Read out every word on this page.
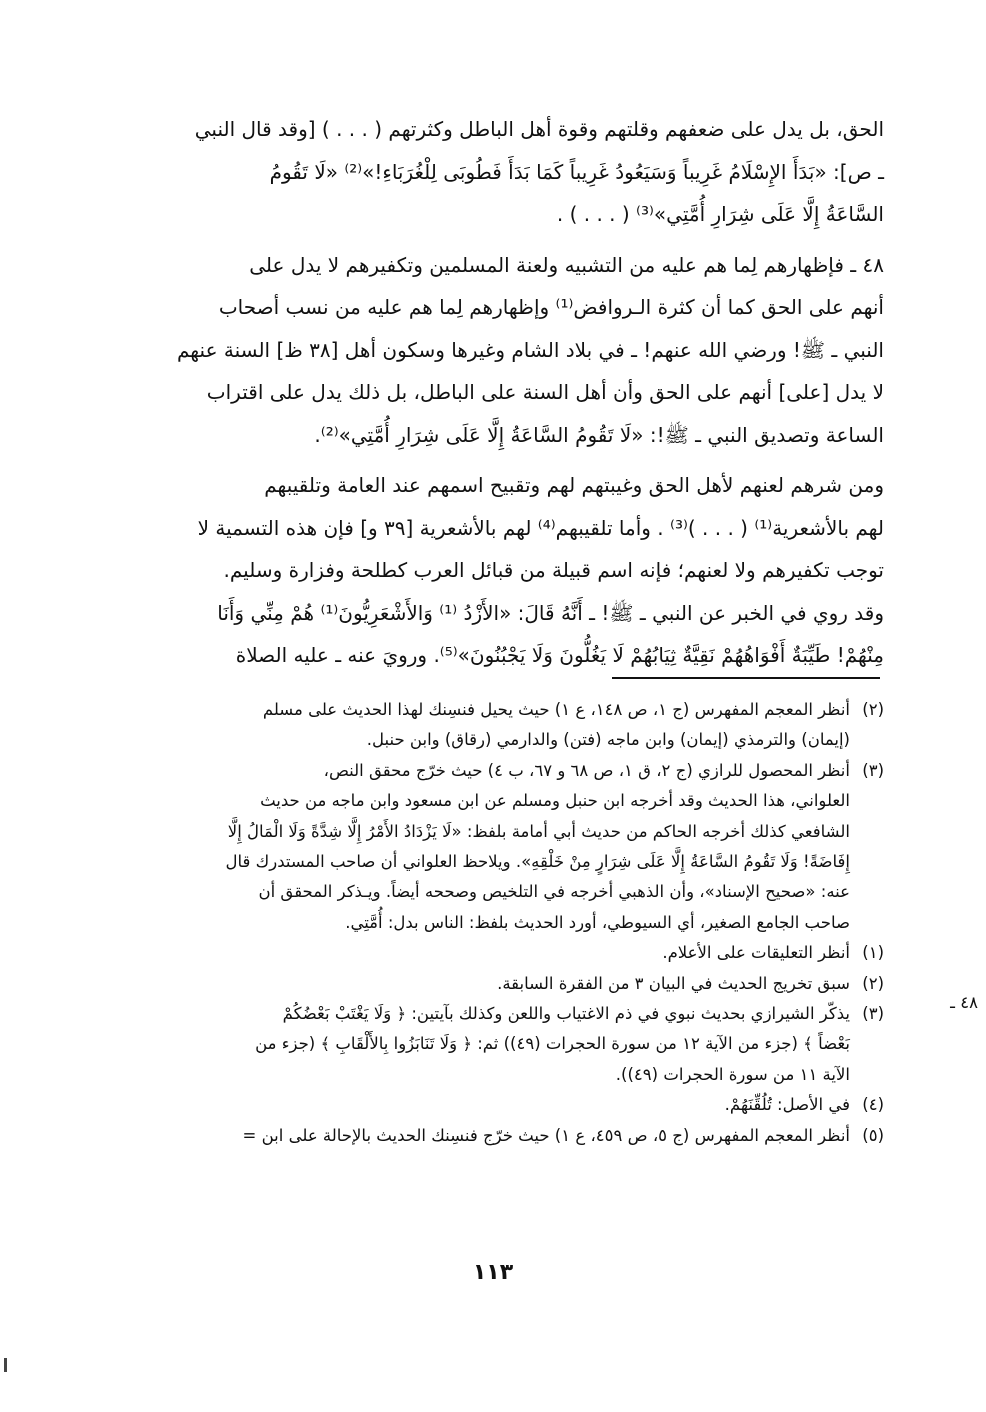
الحق، بل يدل على ضعفهم وقلتهم وقوة أهل الباطل وكثرتهم ( . . . ) [وقد قال النبي

ـ ص]: «بَدَأَ الإِسْلَامُ غَرِيباً وَسَيَعُودُ غَرِيباً كَمَا بَدَأَ فَطُوبَى لِلْغُرَبَاءِ!»⁽²⁾ «لَا تَقُومُ

السَّاعَةُ إِلَّا عَلَى شِرَارِ أُمَّتِي»⁽³⁾ ( . . . ) .

٤٨ ـ فإظهارهم لِما هم عليه من التشبيه ولعنة المسلمين وتكفيرهم لا يدل على

أنهم على الحق كما أن كثرة الـروافض⁽¹⁾ وإظهارهم لِما هم عليه من نسب أصحاب

النبي ـ ﷺ! ورضي الله عنهم! ـ في بلاد الشام وغيرها وسكون أهل [٣٨ ظ] السنة عنهم

لا يدل [على] أنهم على الحق وأن أهل السنة على الباطل، بل ذلك يدل على اقتراب

الساعة وتصديق النبي ـ ﷺ!: «لَا تَقُومُ السَّاعَةُ إِلَّا عَلَى شِرَارِ أُمَّتِي»⁽²⁾.

ومن شرهم لعنهم لأهل الحق وغيبتهم لهم وتقبيح اسمهم عند العامة وتلقيبهم

لهم بالأشعرية⁽¹⁾ ( . . . )⁽³⁾ . وأما تلقيبهم⁽⁴⁾ لهم بالأشعرية [٣٩ و] فإن هذه التسمية لا

توجب تكفيرهم ولا لعنهم؛ فإنه اسم قبيلة من قبائل العرب كطلحة وفزارة وسليم.

وقد روي في الخبر عن النبي ـ ﷺ! ـ أَنَّهُ قَالَ: «الأَزْدُ ⁽¹⁾ وَالأَشْعَرِيُّونَ⁽¹⁾ هُمْ مِنِّي وَأَنَا

مِنْهُمْ! طَيِّبَةٌ أَفْوَاهُهُمْ نَقِيَّةٌ ثِيَابُهُمْ لَا يَغُلُّونَ وَلَا يَجْبُنُونَ»⁽⁵⁾. ورويَ عنه ـ عليه الصلاة

(٢)
أنظر المعجم المفهرس (ج ١، ص ١٤٨، ع ١) حيث يحيل فنسِنك لهذا الحديث على مسلم
(إيمان) والترمذي (إيمان) وابن ماجه (فتن) والدارمي (رقاق) وابن حنبل.
(٣)
أنظر المحصول للرازي (ج ٢، ق ١، ص ٦٨ و ٦٧، ب ٤) حيث خرّج محقق النص،
العلواني، هذا الحديث وقد أخرجه ابن حنبل ومسلم عن ابن مسعود وابن ماجه من حديث
الشافعي كذلك أخرجه الحاكم من حديث أبي أمامة بلفظ: «لَا يَزْدَادُ الأَمْرُ إِلَّا شِدَّةً وَلَا الْمَالُ إِلَّا
إِفَاضَةً! وَلَا تَقُومُ السَّاعَةُ إِلَّا عَلَى شِرَارٍ مِنْ خَلْقِهِ». ويلاحظ العلواني أن صاحب المستدرك قال
عنه: «صحيح الإسناد»، وأن الذهبي أخرجه في التلخيص وصححه أيضاً. ويـذكر المحقق أن
صاحب الجامع الصغير، أي السيوطي، أورد الحديث بلفظ: الناس بدل: أُمَّتِي.
(١)
أنظر التعليقات على الأعلام.
(٢)
سبق تخريج الحديث في البيان ٣ من الفقرة السابقة.
(٣)
يذكّر الشيرازي بحديث نبوي في ذم الاغتياب واللعن وكذلك بآيتين: ﴿ وَلَا يَغْتَبْ بَعْضُكُمْ
بَعْضاً ﴾ (جزء من الآية ١٢ من سورة الحجرات (٤٩)) ثم: ﴿ وَلَا تَنَابَزُوا بِالأَلْقَابِ ﴾ (جزء من
الآية ١١ من سورة الحجرات (٤٩)).
(٤)
في الأصل: تُلُقِّنَهُمْ.
(٥)
أنظر المعجم المفهرس (ج ٥، ص ٤٥٩، ع ١) حيث خرّج فنسِنك الحديث بالإحالة على ابن =
٤٨ ـ
١١٣
